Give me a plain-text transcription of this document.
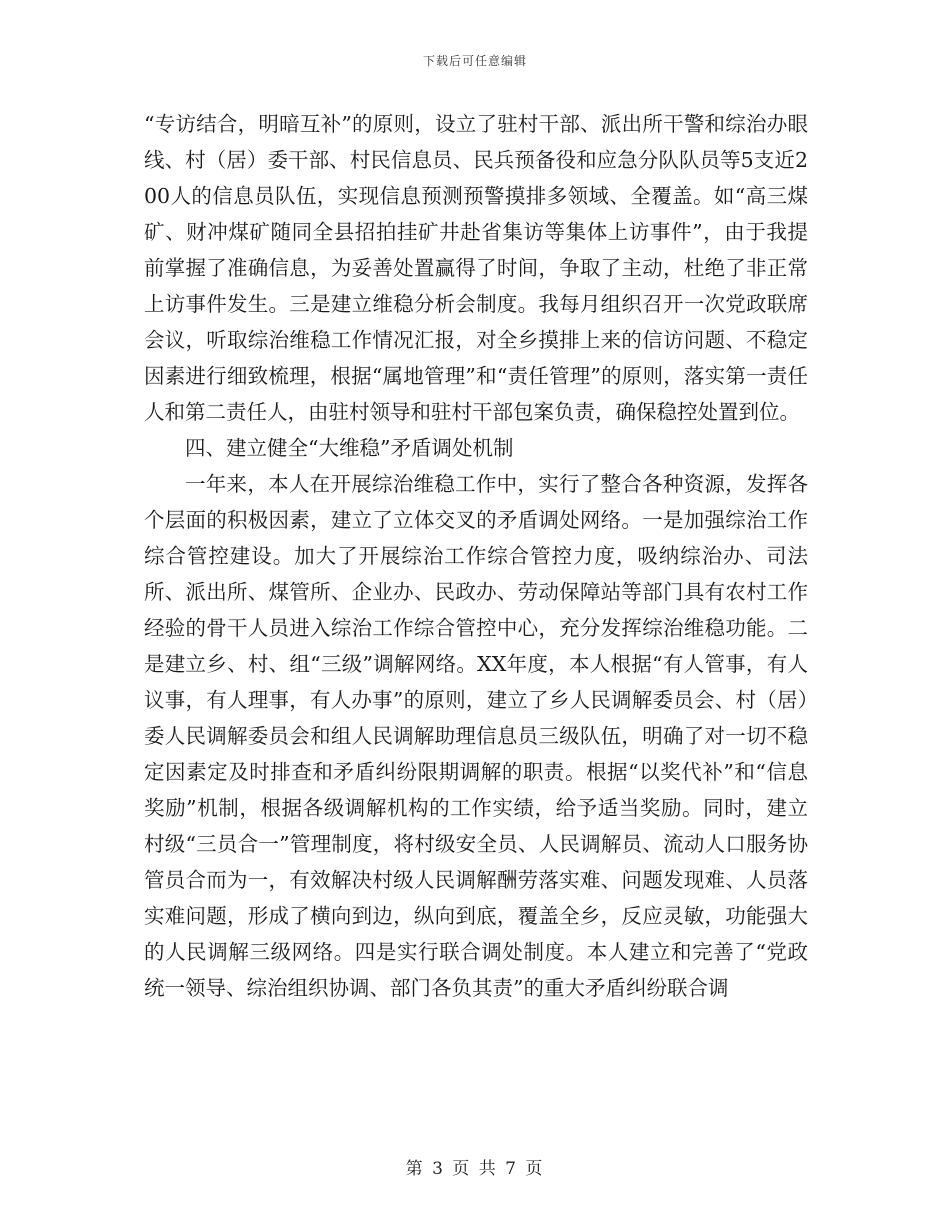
下载后可任意编辑

“专访结合，明暗互补”的原则，设立了驻村干部、派出所干警和综治办眼线、村（居）委干部、村民信息员、民兵预备役和应急分队队员等5支近200人的信息员队伍，实现信息预测预警摸排多领域、全覆盖。如“高三煤矿、财冲煤矿随同全县招拍挂矿井赴省集访等集体上访事件”，由于我提前掌握了准确信息，为妥善处置赢得了时间，争取了主动，杜绝了非正常上访事件发生。三是建立维稳分析会制度。我每月组织召开一次党政联席会议，听取综治维稳工作情况汇报，对全乡摸排上来的信访问题、不稳定因素进行细致梳理，根据“属地管理”和“责任管理”的原则，落实第一责任人和第二责任人，由驻村领导和驻村干部包案负责，确保稳控处置到位。

四、建立健全“大维稳”矛盾调处机制

一年来，本人在开展综治维稳工作中，实行了整合各种资源，发挥各个层面的积极因素，建立了立体交叉的矛盾调处网络。一是加强综治工作综合管控建设。加大了开展综治工作综合管控力度，吸纳综治办、司法所、派出所、煤管所、企业办、民政办、劳动保障站等部门具有农村工作经验的骨干人员进入综治工作综合管控中心，充分发挥综治维稳功能。二是建立乡、村、组“三级”调解网络。XX年度，本人根据“有人管事，有人议事，有人理事，有人办事”的原则，建立了乡人民调解委员会、村（居）委人民调解委员会和组人民调解助理信息员三级队伍，明确了对一切不稳定因素定及时排查和矛盾纠纷限期调解的职责。根据“以奖代补”和“信息奖励”机制，根据各级调解机构的工作实绩，给予适当奖励。同时，建立村级“三员合一”管理制度，将村级安全员、人民调解员、流动人口服务协管员合而为一，有效解决村级人民调解酬劳落实难、问题发现难、人员落实难问题，形成了横向到边，纵向到底，覆盖全乡，反应灵敏，功能强大的人民调解三级网络。四是实行联合调处制度。本人建立和完善了“党政统一领导、综治组织协调、部门各负其责”的重大矛盾纠纷联合调

第 3 页 共 7 页
